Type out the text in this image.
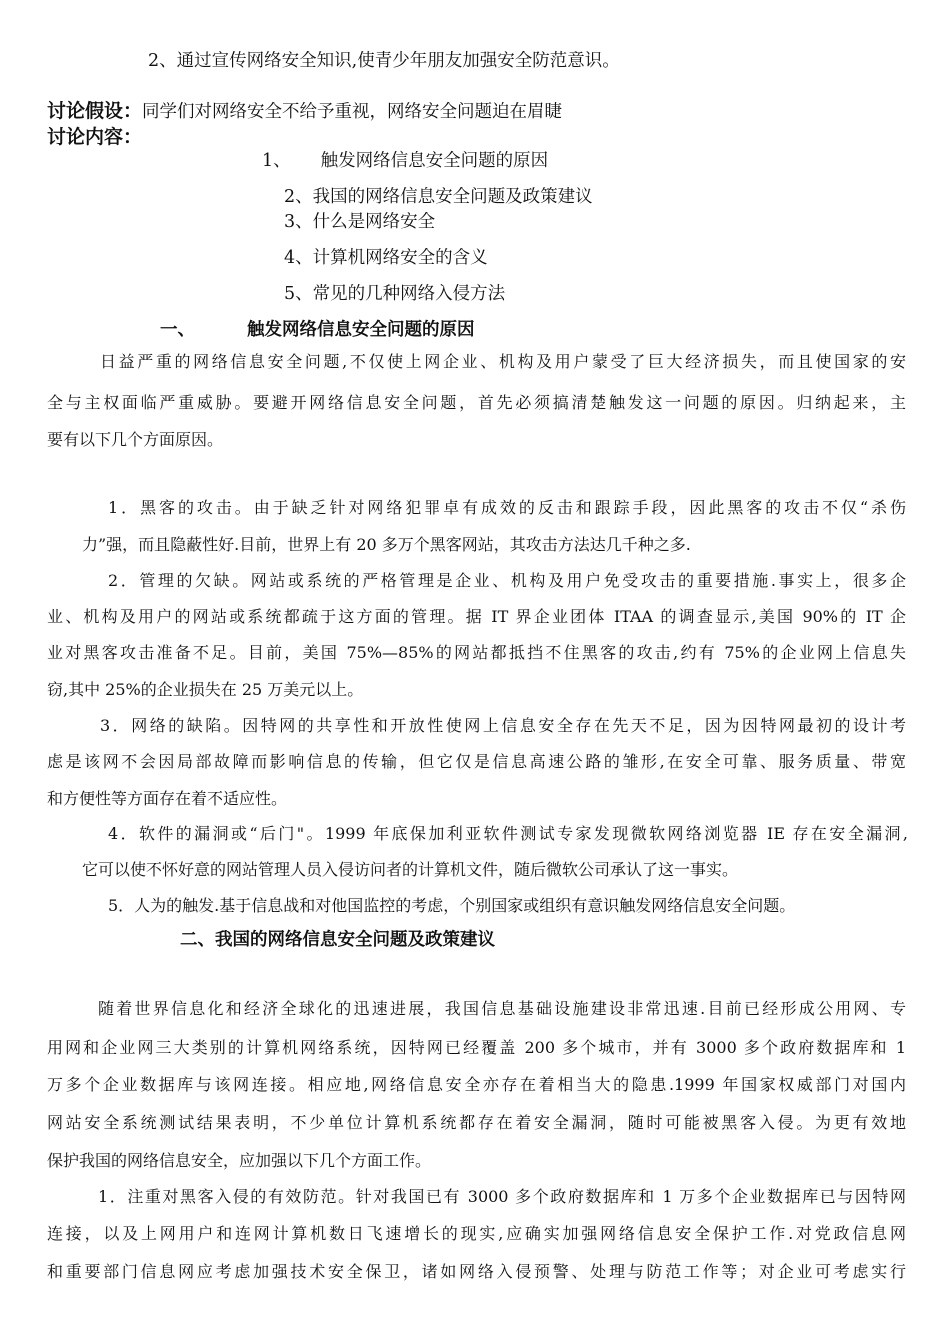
2、通过宣传网络安全知识,使青少年朋友加强安全防范意识。
讨论假设：同学们对网络安全不给予重视，网络安全问题迫在眉睫
讨论内容：
1、 触发网络信息安全问题的原因
2、我国的网络信息安全问题及政策建议
3、什么是网络安全
4、计算机网络安全的含义
5、常见的几种网络入侵方法
一、	触发网络信息安全问题的原因
日益严重的网络信息安全问题,不仅使上网企业、机构及用户蒙受了巨大经济损失，而且使国家的安
全与主权面临严重威胁。要避开网络信息安全问题，首先必须搞清楚触发这一问题的原因。归纳起来，主
要有以下几个方面原因。
1．黑客的攻击。由于缺乏针对网络犯罪卓有成效的反击和跟踪手段，因此黑客的攻击不仅“杀伤
力”强，而且隐蔽性好.目前，世界上有 20 多万个黑客网站，其攻击方法达几千种之多.
2．管理的欠缺。网站或系统的严格管理是企业、机构及用户免受攻击的重要措施.事实上，很多企
业、机构及用户的网站或系统都疏于这方面的管理。据 IT 界企业团体 ITAA 的调查显示,美国 90%的 IT 企
业对黑客攻击准备不足。目前，美国 75%—85%的网站都抵挡不住黑客的攻击,约有 75%的企业网上信息失
窃,其中 25%的企业损失在 25 万美元以上。
3．网络的缺陷。因特网的共享性和开放性使网上信息安全存在先天不足，因为因特网最初的设计考
虑是该网不会因局部故障而影响信息的传输，但它仅是信息高速公路的雏形,在安全可靠、服务质量、带宽
和方便性等方面存在着不适应性。
4．软件的漏洞或“后门"。1999 年底保加利亚软件测试专家发现微软网络浏览器 IE 存在安全漏洞,
它可以使不怀好意的网站管理人员入侵访问者的计算机文件，随后微软公司承认了这一事实。
5．人为的触发.基于信息战和对他国监控的考虑，个别国家或组织有意识触发网络信息安全问题。
二、我国的网络信息安全问题及政策建议
随着世界信息化和经济全球化的迅速进展，我国信息基础设施建设非常迅速.目前已经形成公用网、专
用网和企业网三大类别的计算机网络系统，因特网已经覆盖 200 多个城市，并有 3000 多个政府数据库和 1
万多个企业数据库与该网连接。相应地,网络信息安全亦存在着相当大的隐患.1999 年国家权威部门对国内
网站安全系统测试结果表明，不少单位计算机系统都存在着安全漏洞，随时可能被黑客入侵。为更有效地
保护我国的网络信息安全，应加强以下几个方面工作。
1．注重对黑客入侵的有效防范。针对我国已有 3000 多个政府数据库和 1 万多个企业数据库已与因特网
连接，以及上网用户和连网计算机数日飞速增长的现实,应确实加强网络信息安全保护工作.对党政信息网
和重要部门信息网应考虑加强技术安全保卫，诸如网络入侵预警、处理与防范工作等；对企业可考虑实行
